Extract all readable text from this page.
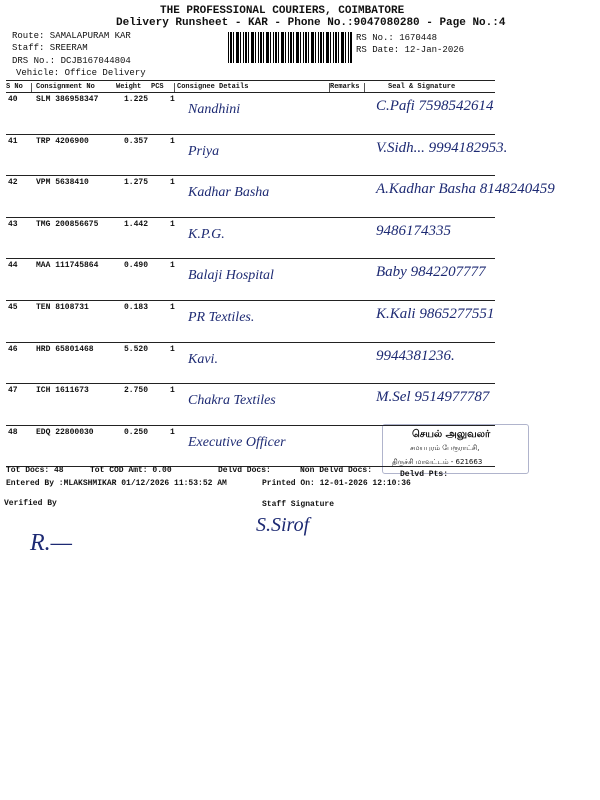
THE PROFESSIONAL COURIERS, COIMBATORE
Delivery Runsheet - KAR - Phone No.:9047080280 - Page No.:4
Route: SAMALAPURAM KAR
Staff: SREERAM
DRS No.: DCJB167044804
Vehicle: Office Delivery
RS No.: 1670448
RS Date: 12-Jan-2026
S No Consignment No	Weight PCS Consignee Details	Remarks	Seal & Signature
40 SLM 386958347	1.225	1
Nandhini	C.Pafi 7598542614
41 TRP 4206900	0.357	1
Priya	V.Sidh... 9994182953.
42 VPM 5638410	1.275	1
Kadhar Basha	A.Kadhar Basha 8148240459
43 TMG 200856675	1.442	1
K.P.G.	9486174335
44 MAA 111745864	0.490	1
Balaji Hospital	Baby 9842207777
45 TEN 8108731	0.183	1
PR Textiles.	K.Kali 9865277551
46 HRD 65801468	5.520	1
Kavi.	9944381236.
47 ICH 1611673	2.750	1
Chakra Textiles	M.Sel 9514977787
48 EDQ 22800030	0.250	1
Executive Officer
செயல் அலுவலர்
சமயபுரம் பேரூராட்சி,
திருச்சி மாவட்டம் - 621663
Tot Docs: 48	Tot COD Amt: 0.00	Delvd Docs:	Non Delvd Docs:	Delvd Pts:
Entered By :MLAKSHMIKAR 01/12/2026 11:53:52 AM	Printed On: 12-01-2026 12:10:36
Verified By	Staff Signature
R.—
S.Sirof
